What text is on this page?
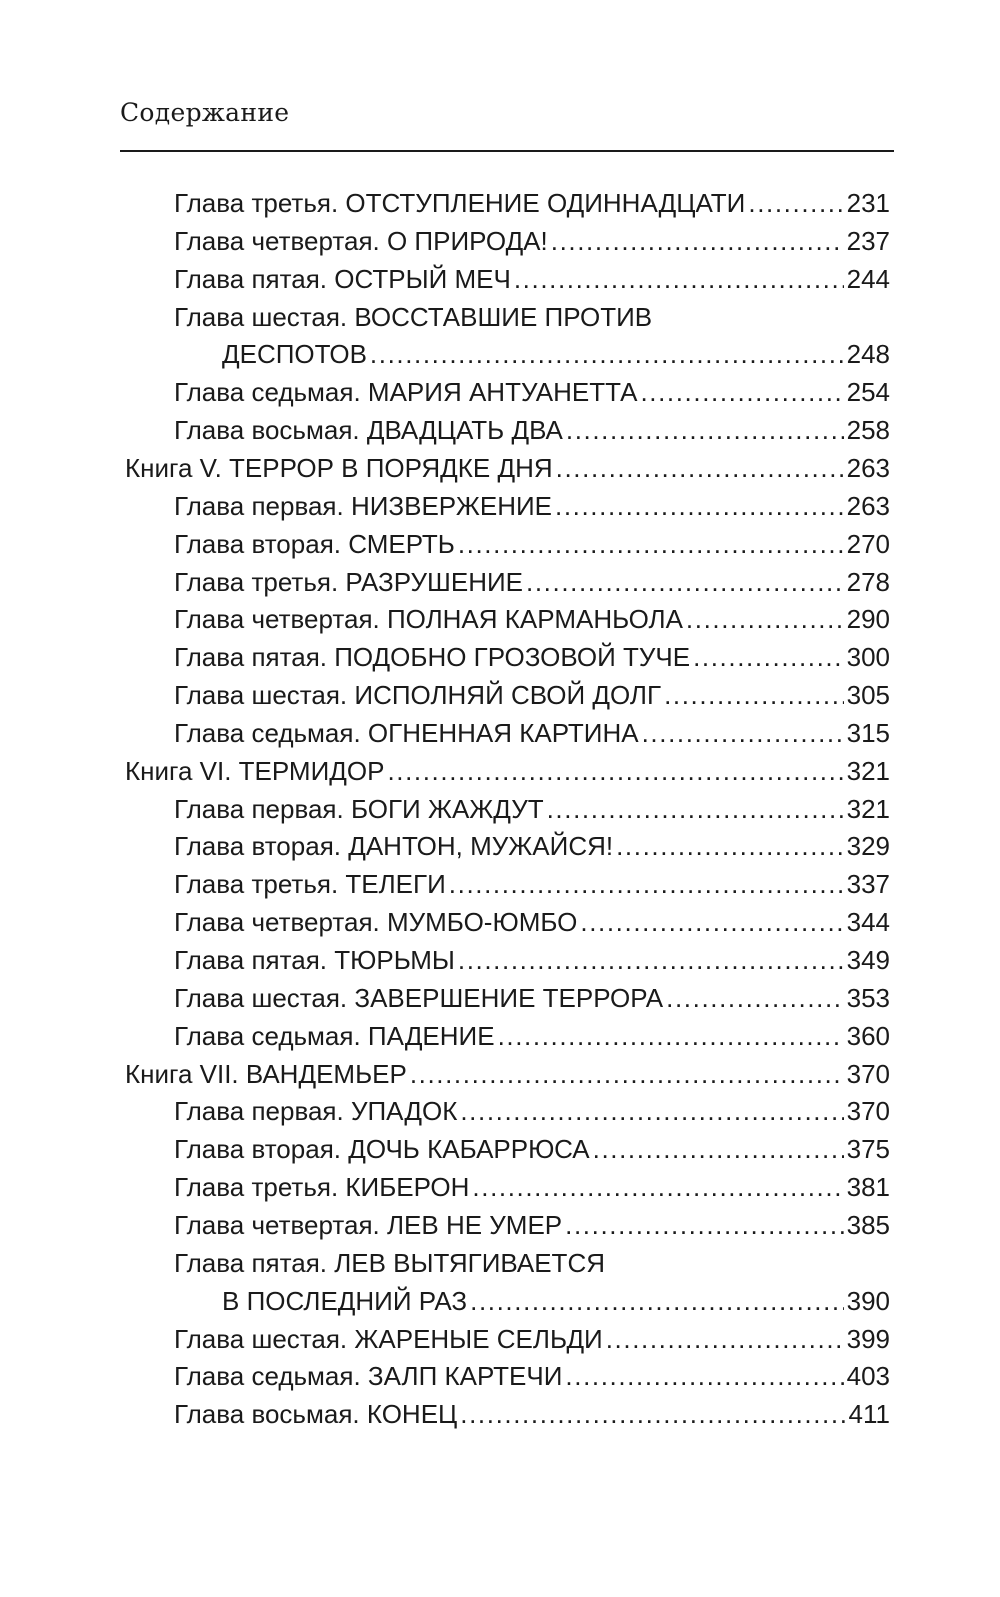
Содержание
Глава третья. ОТСТУПЛЕНИЕ ОДИННАДЦАТИ .....	231
Глава четвертая. О ПРИРОДА! .....	237
Глава пятая. ОСТРЫЙ МЕЧ .....	244
Глава шестая. ВОССТАВШИЕ ПРОТИВ
ДЕСПОТОВ .....	248
Глава седьмая. МАРИЯ АНТУАНЕТТА .....	254
Глава восьмая. ДВАДЦАТЬ ДВА .....	258
Книга V. ТЕРРОР В ПОРЯДКЕ ДНЯ .....	263
Глава первая. НИЗВЕРЖЕНИЕ .....	263
Глава вторая. СМЕРТЬ .....	270
Глава третья. РАЗРУШЕНИЕ .....	278
Глава четвертая. ПОЛНАЯ КАРМАНЬОЛА .....	290
Глава пятая. ПОДОБНО ГРОЗОВОЙ ТУЧЕ .....	300
Глава шестая. ИСПОЛНЯЙ СВОЙ ДОЛГ .....	305
Глава седьмая. ОГНЕННАЯ КАРТИНА .....	315
Книга VI. ТЕРМИДОР .....	321
Глава первая. БОГИ ЖАЖДУТ .....	321
Глава вторая. ДАНТОН, МУЖАЙСЯ! .....	329
Глава третья. ТЕЛЕГИ .....	337
Глава четвертая. МУМБО-ЮМБО .....	344
Глава пятая. ТЮРЬМЫ .....	349
Глава шестая. ЗАВЕРШЕНИЕ ТЕРРОРА .....	353
Глава седьмая. ПАДЕНИЕ .....	360
Книга VII. ВАНДЕМЬЕР .....	370
Глава первая. УПАДОК .....	370
Глава вторая. ДОЧЬ КАБАРРЮСА .....	375
Глава третья. КИБЕРОН .....	381
Глава четвертая. ЛЕВ НЕ УМЕР .....	385
Глава пятая. ЛЕВ ВЫТЯГИВАЕТСЯ
В ПОСЛЕДНИЙ РАЗ .....	390
Глава шестая. ЖАРЕНЫЕ СЕЛЬДИ .....	399
Глава седьмая. ЗАЛП КАРТЕЧИ .....	403
Глава восьмая. КОНЕЦ .....	411
